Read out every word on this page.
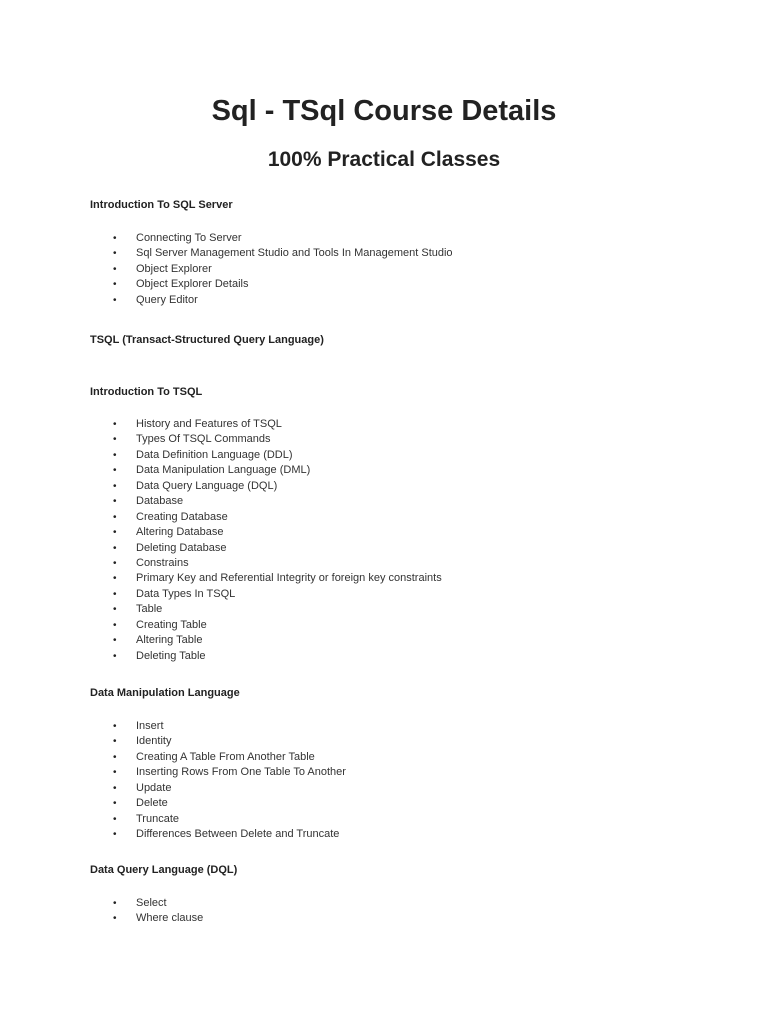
Sql - TSql Course Details
100% Practical Classes
Introduction To SQL Server
• Connecting To Server
• Sql Server Management Studio and Tools In Management Studio
• Object Explorer
• Object Explorer Details
• Query Editor
TSQL (Transact-Structured Query Language)
Introduction To TSQL
• History and Features of TSQL
• Types Of TSQL Commands
• Data Definition Language (DDL)
• Data Manipulation Language (DML)
• Data Query Language (DQL)
• Database
• Creating Database
• Altering Database
• Deleting Database
• Constrains
• Primary Key and Referential Integrity or foreign key constraints
• Data Types In TSQL
• Table
• Creating Table
• Altering Table
• Deleting Table
Data Manipulation Language
• Insert
• Identity
• Creating A Table From Another Table
• Inserting Rows From One Table To Another
• Update
• Delete
• Truncate
• Differences Between Delete and Truncate
Data Query Language (DQL)
• Select
• Where clause
